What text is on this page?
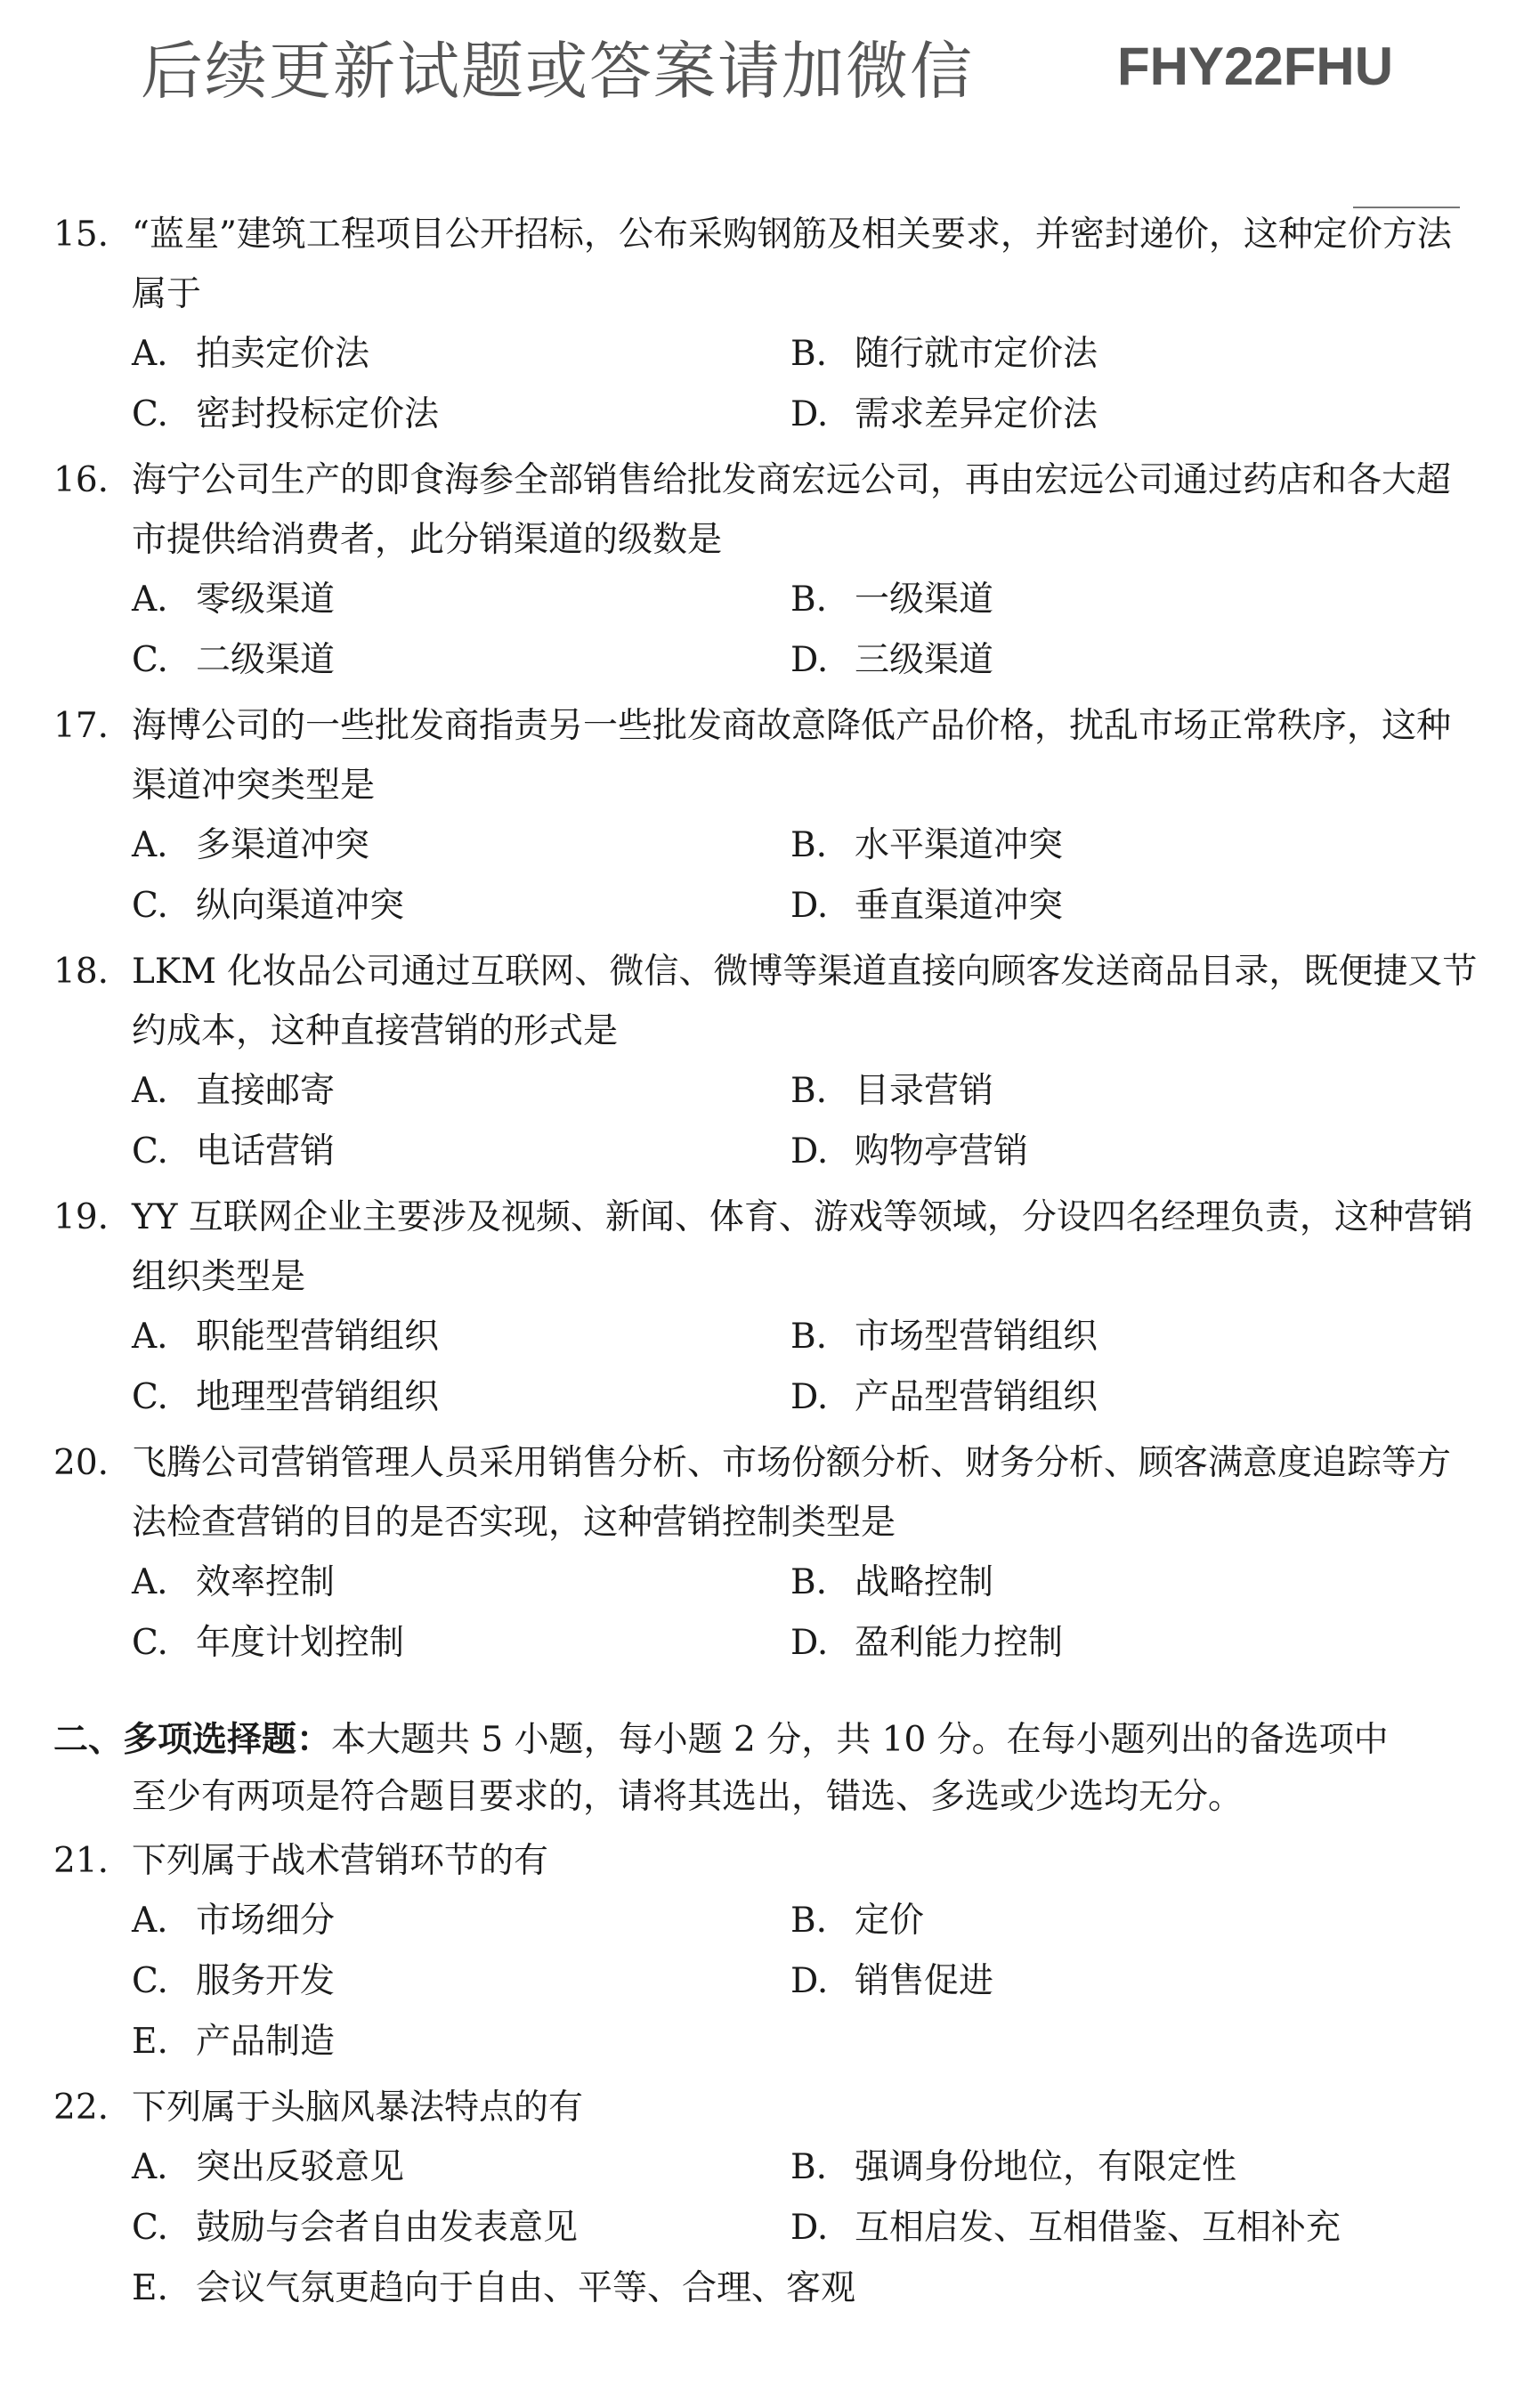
后续更新试题或答案请加微信	FHY22FHU
15. “蓝星”建筑工程项目公开招标，公布采购钢筋及相关要求，并密封递价，这种定价方法属于
A. 拍卖定价法	B. 随行就市定价法
C. 密封投标定价法	D. 需求差异定价法
16. 海宁公司生产的即食海参全部销售给批发商宏远公司，再由宏远公司通过药店和各大超市提供给消费者，此分销渠道的级数是
A. 零级渠道	B. 一级渠道
C. 二级渠道	D. 三级渠道
17. 海博公司的一些批发商指责另一些批发商故意降低产品价格，扰乱市场正常秩序，这种渠道冲突类型是
A. 多渠道冲突	B. 水平渠道冲突
C. 纵向渠道冲突	D. 垂直渠道冲突
18. LKM 化妆品公司通过互联网、微信、微博等渠道直接向顾客发送商品目录，既便捷又节约成本，这种直接营销的形式是
A. 直接邮寄	B. 目录营销
C. 电话营销	D. 购物亭营销
19. YY 互联网企业主要涉及视频、新闻、体育、游戏等领域，分设四名经理负责，这种营销组织类型是
A. 职能型营销组织	B. 市场型营销组织
C. 地理型营销组织	D. 产品型营销组织
20. 飞腾公司营销管理人员采用销售分析、市场份额分析、财务分析、顾客满意度追踪等方法检查营销的目的是否实现，这种营销控制类型是
A. 效率控制	B. 战略控制
C. 年度计划控制	D. 盈利能力控制
二、多项选择题：本大题共 5 小题，每小题 2 分，共 10 分。在每小题列出的备选项中
至少有两项是符合题目要求的，请将其选出，错选、多选或少选均无分。
21. 下列属于战术营销环节的有
A. 市场细分	B. 定价
C. 服务开发	D. 销售促进
E. 产品制造
22. 下列属于头脑风暴法特点的有
A. 突出反驳意见	B. 强调身份地位，有限定性
C. 鼓励与会者自由发表意见	D. 互相启发、互相借鉴、互相补充
E. 会议气氛更趋向于自由、平等、合理、客观
